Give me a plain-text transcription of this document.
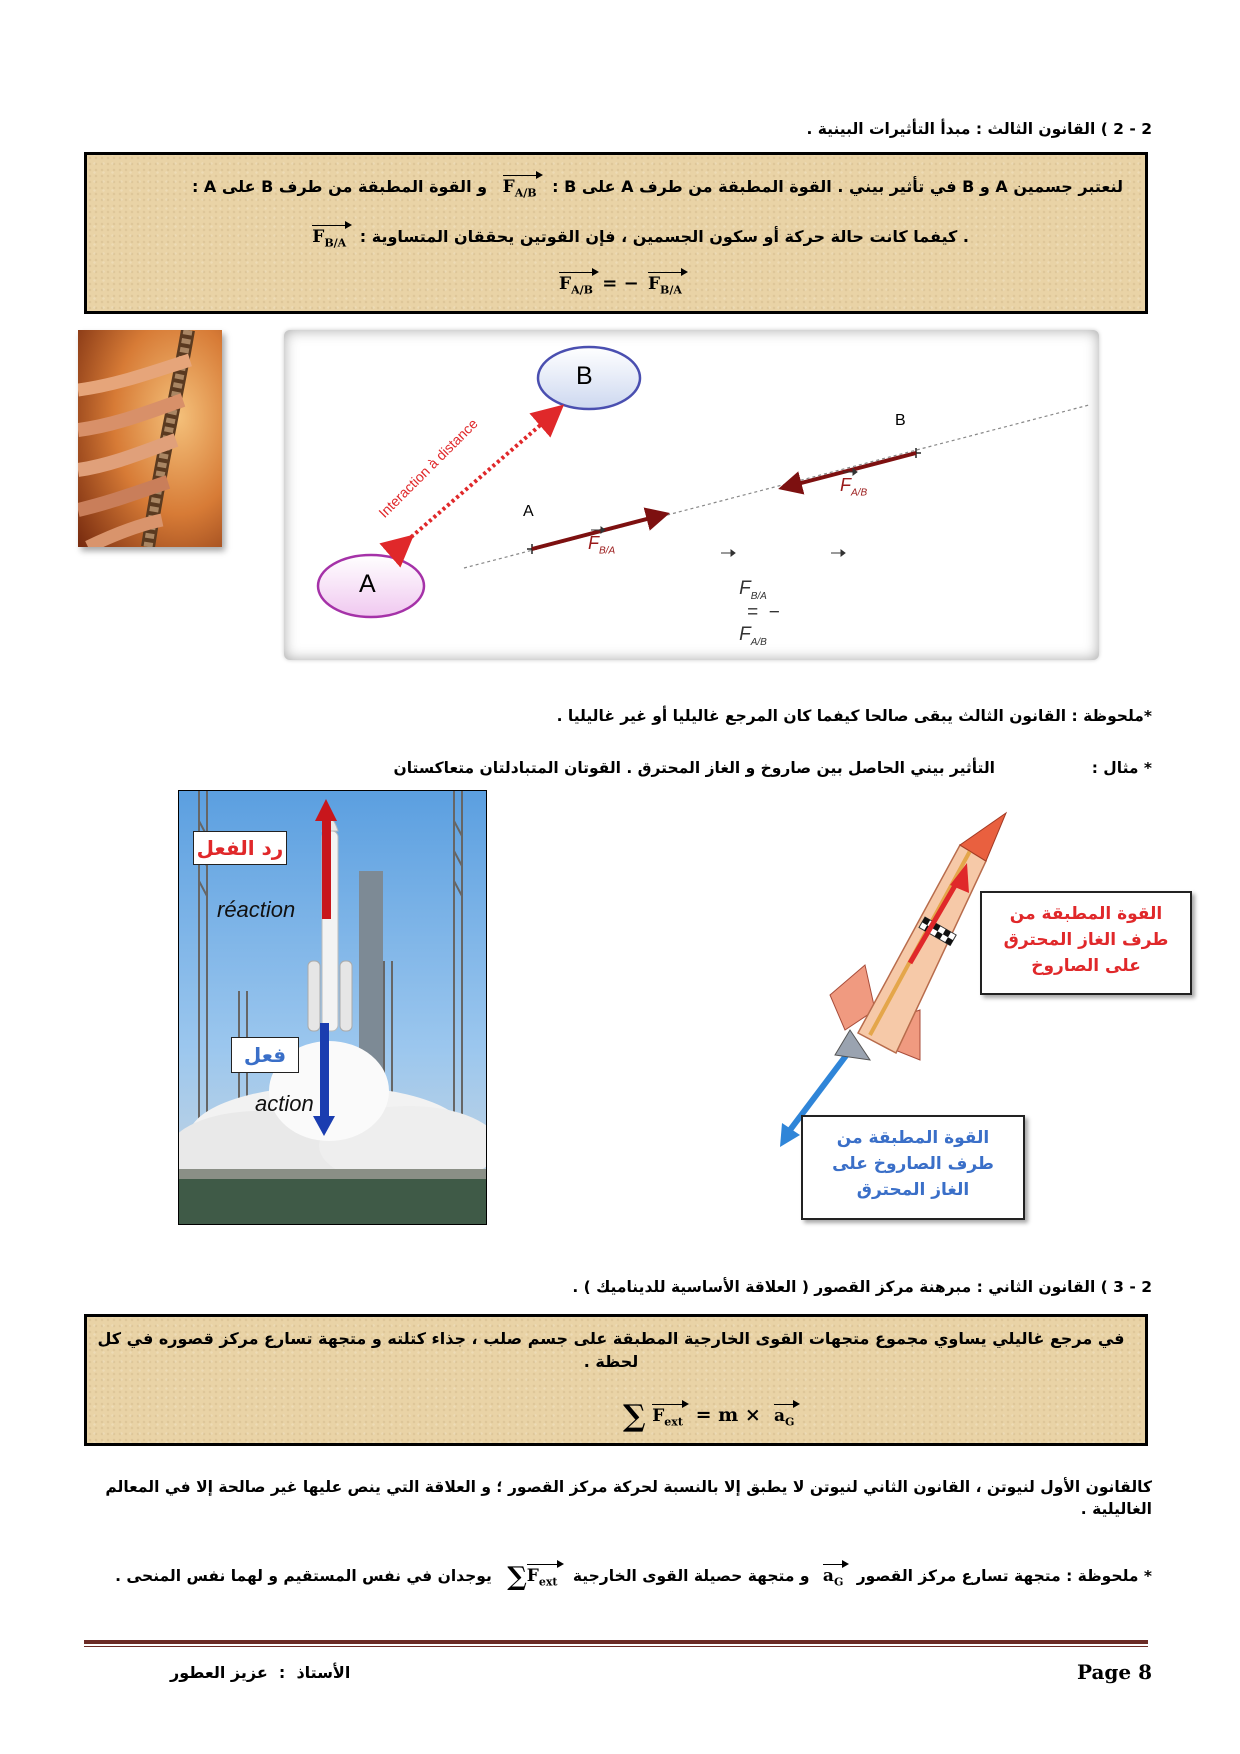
2 - 2 ) القانون الثالث : مبدأ التأثيرات البينية .
لنعتبر جسمين A و B في تأثير بيني . القوة المطبقة من طرف A على B : $F_{A/B}$ و القوة المطبقة من طرف B على A :
. كيفما كانت حالة حركة أو سكون الجسمين ، فإن القوتين يحققان المتساوية : $F_{B/A}$
$F_{A/B}$ = − $F_{B/A}$
B
A
Interaction à distance	A
B
$F_{A/B}$
$F_{B/A}$

$F_{B/A}$
=  −
$F_{A/B}$

*ملحوظة : القانون الثالث يبقى صالحا كيفما كان المرجع غاليليا أو غير غاليليا .
* مثال :
التأثير بيني الحاصل بين صاروخ و الغاز المحترق . القوتان المتبادلتان متعاكستان
رد الفعل
réaction
فعل
action
القوة المطبقة من طرف الغاز المحترق على الصاروخ
القوة المطبقة من طرف الصاروخ على الغاز المحترق
2 - 3 ) القانون الثاني : مبرهنة مركز القصور ( العلاقة الأساسية للديناميك ) .
في مرجع غاليلي يساوي مجموع متجهات القوى الخارجية المطبقة على جسم صلب ، جذاء كتلته و متجهة تسارع مركز قصوره في كل لحظة .
∑ $F_{ext} = m \times a_G$
كالقانون الأول لنيوتن ، القانون الثاني لنيوتن لا يطبق إلا بالنسبة لحركة مركز القصور ؛ و العلاقة التي ينص عليها غير صالحة إلا في المعالم الغاليلية .
* ملحوظة : متجهة تسارع مركز القصور $a_G$ و متجهة حصيلة القوى الخارجية $\sum F_{ext}$ يوجدان في نفس المستقيم و لهما نفس المنحى .
Page 8
الأستاذ  :  عزيز العطور
